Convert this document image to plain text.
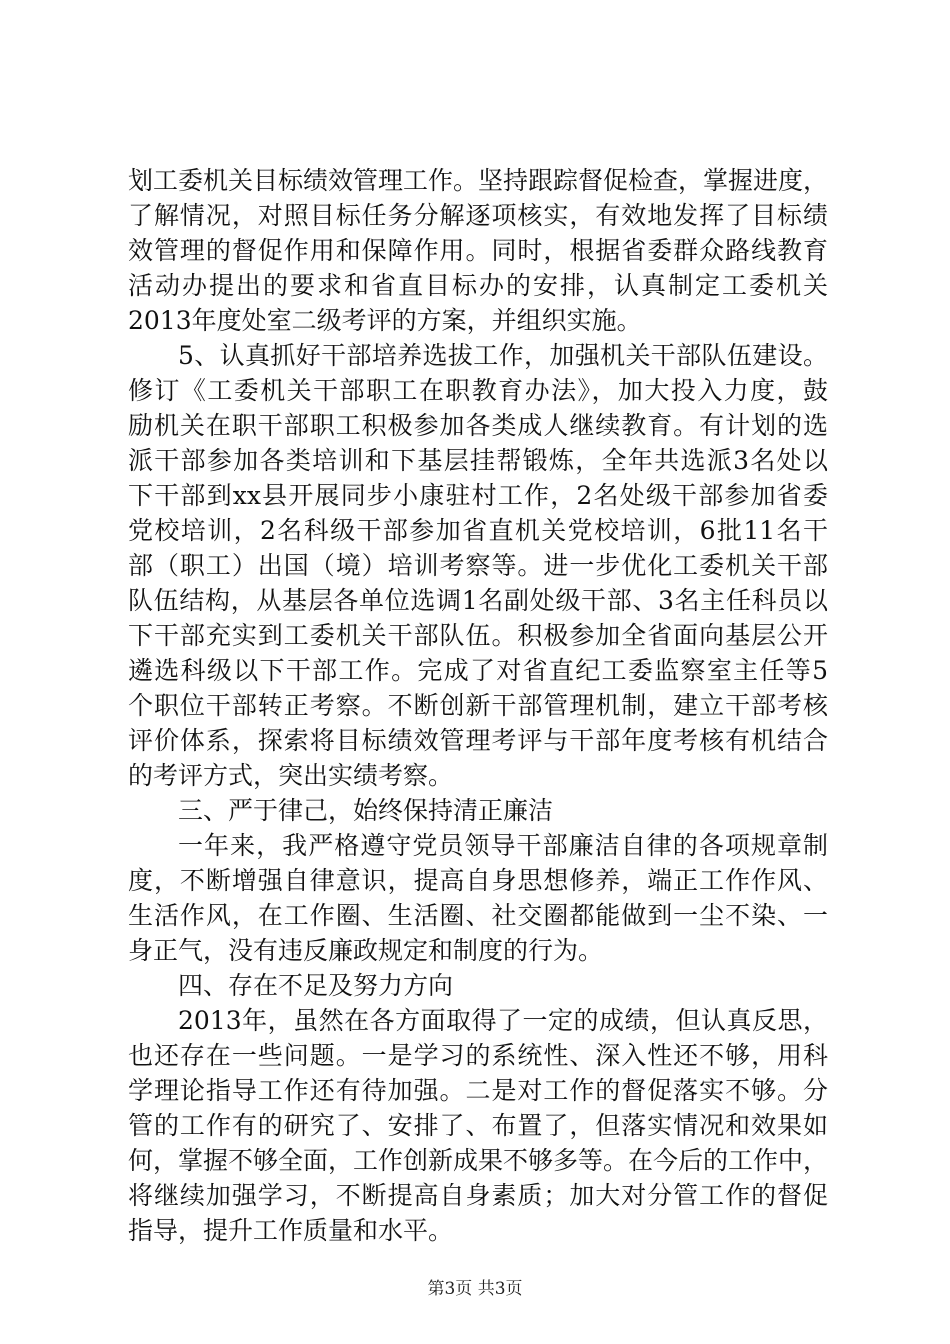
划工委机关目标绩效管理工作。坚持跟踪督促检查，掌握进度，
了解情况，对照目标任务分解逐项核实，有效地发挥了目标绩
效管理的督促作用和保障作用。同时，根据省委群众路线教育
活动办提出的要求和省直目标办的安排，认真制定工委机关
2013年度处室二级考评的方案，并组织实施。
5、认真抓好干部培养选拔工作，加强机关干部队伍建设。
修订《工委机关干部职工在职教育办法》，加大投入力度，鼓
励机关在职干部职工积极参加各类成人继续教育。有计划的选
派干部参加各类培训和下基层挂帮锻炼，全年共选派3名处以
下干部到xx县开展同步小康驻村工作，2名处级干部参加省委
党校培训，2名科级干部参加省直机关党校培训，6批11名干
部（职工）出国（境）培训考察等。进一步优化工委机关干部
队伍结构，从基层各单位选调1名副处级干部、3名主任科员以
下干部充实到工委机关干部队伍。积极参加全省面向基层公开
遴选科级以下干部工作。完成了对省直纪工委监察室主任等5
个职位干部转正考察。不断创新干部管理机制，建立干部考核
评价体系，探索将目标绩效管理考评与干部年度考核有机结合
的考评方式，突出实绩考察。
三、严于律己，始终保持清正廉洁
一年来，我严格遵守党员领导干部廉洁自律的各项规章制
度，不断增强自律意识，提高自身思想修养，端正工作作风、
生活作风，在工作圈、生活圈、社交圈都能做到一尘不染、一
身正气，没有违反廉政规定和制度的行为。
四、存在不足及努力方向
2013年，虽然在各方面取得了一定的成绩，但认真反思，
也还存在一些问题。一是学习的系统性、深入性还不够，用科
学理论指导工作还有待加强。二是对工作的督促落实不够。分
管的工作有的研究了、安排了、布置了，但落实情况和效果如
何，掌握不够全面，工作创新成果不够多等。在今后的工作中，
将继续加强学习，不断提高自身素质；加大对分管工作的督促
指导，提升工作质量和水平。
第3页 共3页
